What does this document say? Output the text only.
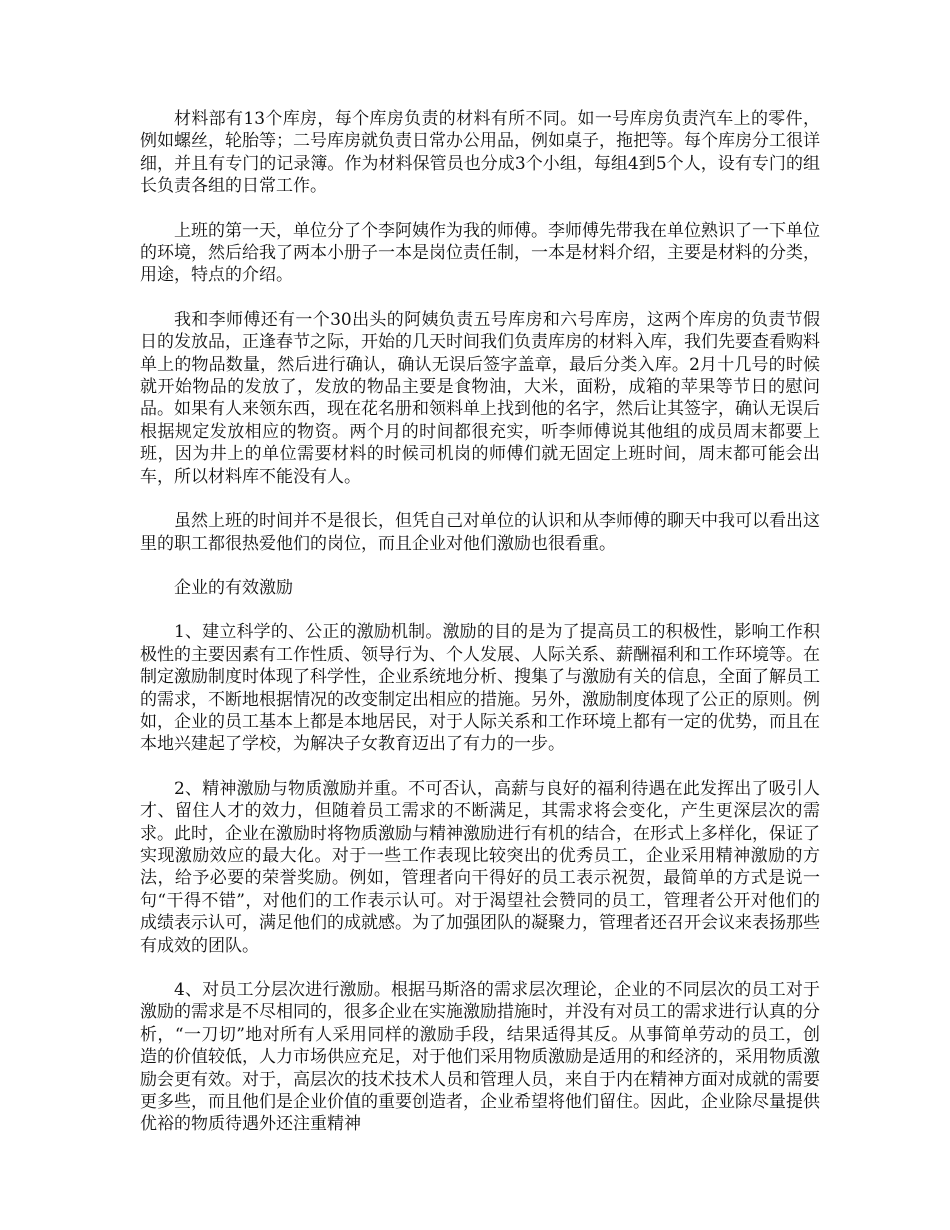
材料部有13个库房，每个库房负责的材料有所不同。如一号库房负责汽车上的零件，例如螺丝，轮胎等；二号库房就负责日常办公用品，例如桌子，拖把等。每个库房分工很详细，并且有专门的记录簿。作为材料保管员也分成3个小组，每组4到5个人，设有专门的组长负责各组的日常工作。

上班的第一天，单位分了个李阿姨作为我的师傅。李师傅先带我在单位熟识了一下单位的环境，然后给我了两本小册子一本是岗位责任制，一本是材料介绍，主要是材料的分类，用途，特点的介绍。

我和李师傅还有一个30出头的阿姨负责五号库房和六号库房，这两个库房的负责节假日的发放品，正逢春节之际，开始的几天时间我们负责库房的材料入库，我们先要查看购料单上的物品数量，然后进行确认，确认无误后签字盖章，最后分类入库。2月十几号的时候就开始物品的发放了，发放的物品主要是食物油，大米，面粉，成箱的苹果等节日的慰问品。如果有人来领东西，现在花名册和领料单上找到他的名字，然后让其签字，确认无误后根据规定发放相应的物资。两个月的时间都很充实，听李师傅说其他组的成员周末都要上班，因为井上的单位需要材料的时候司机岗的师傅们就无固定上班时间，周末都可能会出车，所以材料库不能没有人。

虽然上班的时间并不是很长，但凭自己对单位的认识和从李师傅的聊天中我可以看出这里的职工都很热爱他们的岗位，而且企业对他们激励也很看重。

企业的有效激励

1、建立科学的、公正的激励机制。激励的目的是为了提高员工的积极性，影响工作积极性的主要因素有工作性质、领导行为、个人发展、人际关系、薪酬福利和工作环境等。在制定激励制度时体现了科学性，企业系统地分析、搜集了与激励有关的信息，全面了解员工的需求，不断地根据情况的改变制定出相应的措施。另外，激励制度体现了公正的原则。例如，企业的员工基本上都是本地居民，对于人际关系和工作环境上都有一定的优势，而且在本地兴建起了学校，为解决子女教育迈出了有力的一步。

2、精神激励与物质激励并重。不可否认，高薪与良好的福利待遇在此发挥出了吸引人才、留住人才的效力，但随着员工需求的不断满足，其需求将会变化，产生更深层次的需求。此时，企业在激励时将物质激励与精神激励进行有机的结合，在形式上多样化，保证了实现激励效应的最大化。对于一些工作表现比较突出的优秀员工，企业采用精神激励的方法，给予必要的荣誉奖励。例如，管理者向干得好的员工表示祝贺，最简单的方式是说一句“干得不错”，对他们的工作表示认可。对于渴望社会赞同的员工，管理者公开对他们的成绩表示认可，满足他们的成就感。为了加强团队的凝聚力，管理者还召开会议来表扬那些有成效的团队。

4、对员工分层次进行激励。根据马斯洛的需求层次理论，企业的不同层次的员工对于激励的需求是不尽相同的，很多企业在实施激励措施时，并没有对员工的需求进行认真的分析，“一刀切”地对所有人采用同样的激励手段，结果适得其反。从事简单劳动的员工，创造的价值较低，人力市场供应充足，对于他们采用物质激励是适用的和经济的，采用物质激励会更有效。对于，高层次的技术技术人员和管理人员，来自于内在精神方面对成就的需要更多些，而且他们是企业价值的重要创造者，企业希望将他们留住。因此，企业除尽量提供优裕的物质待遇外还注重精神
